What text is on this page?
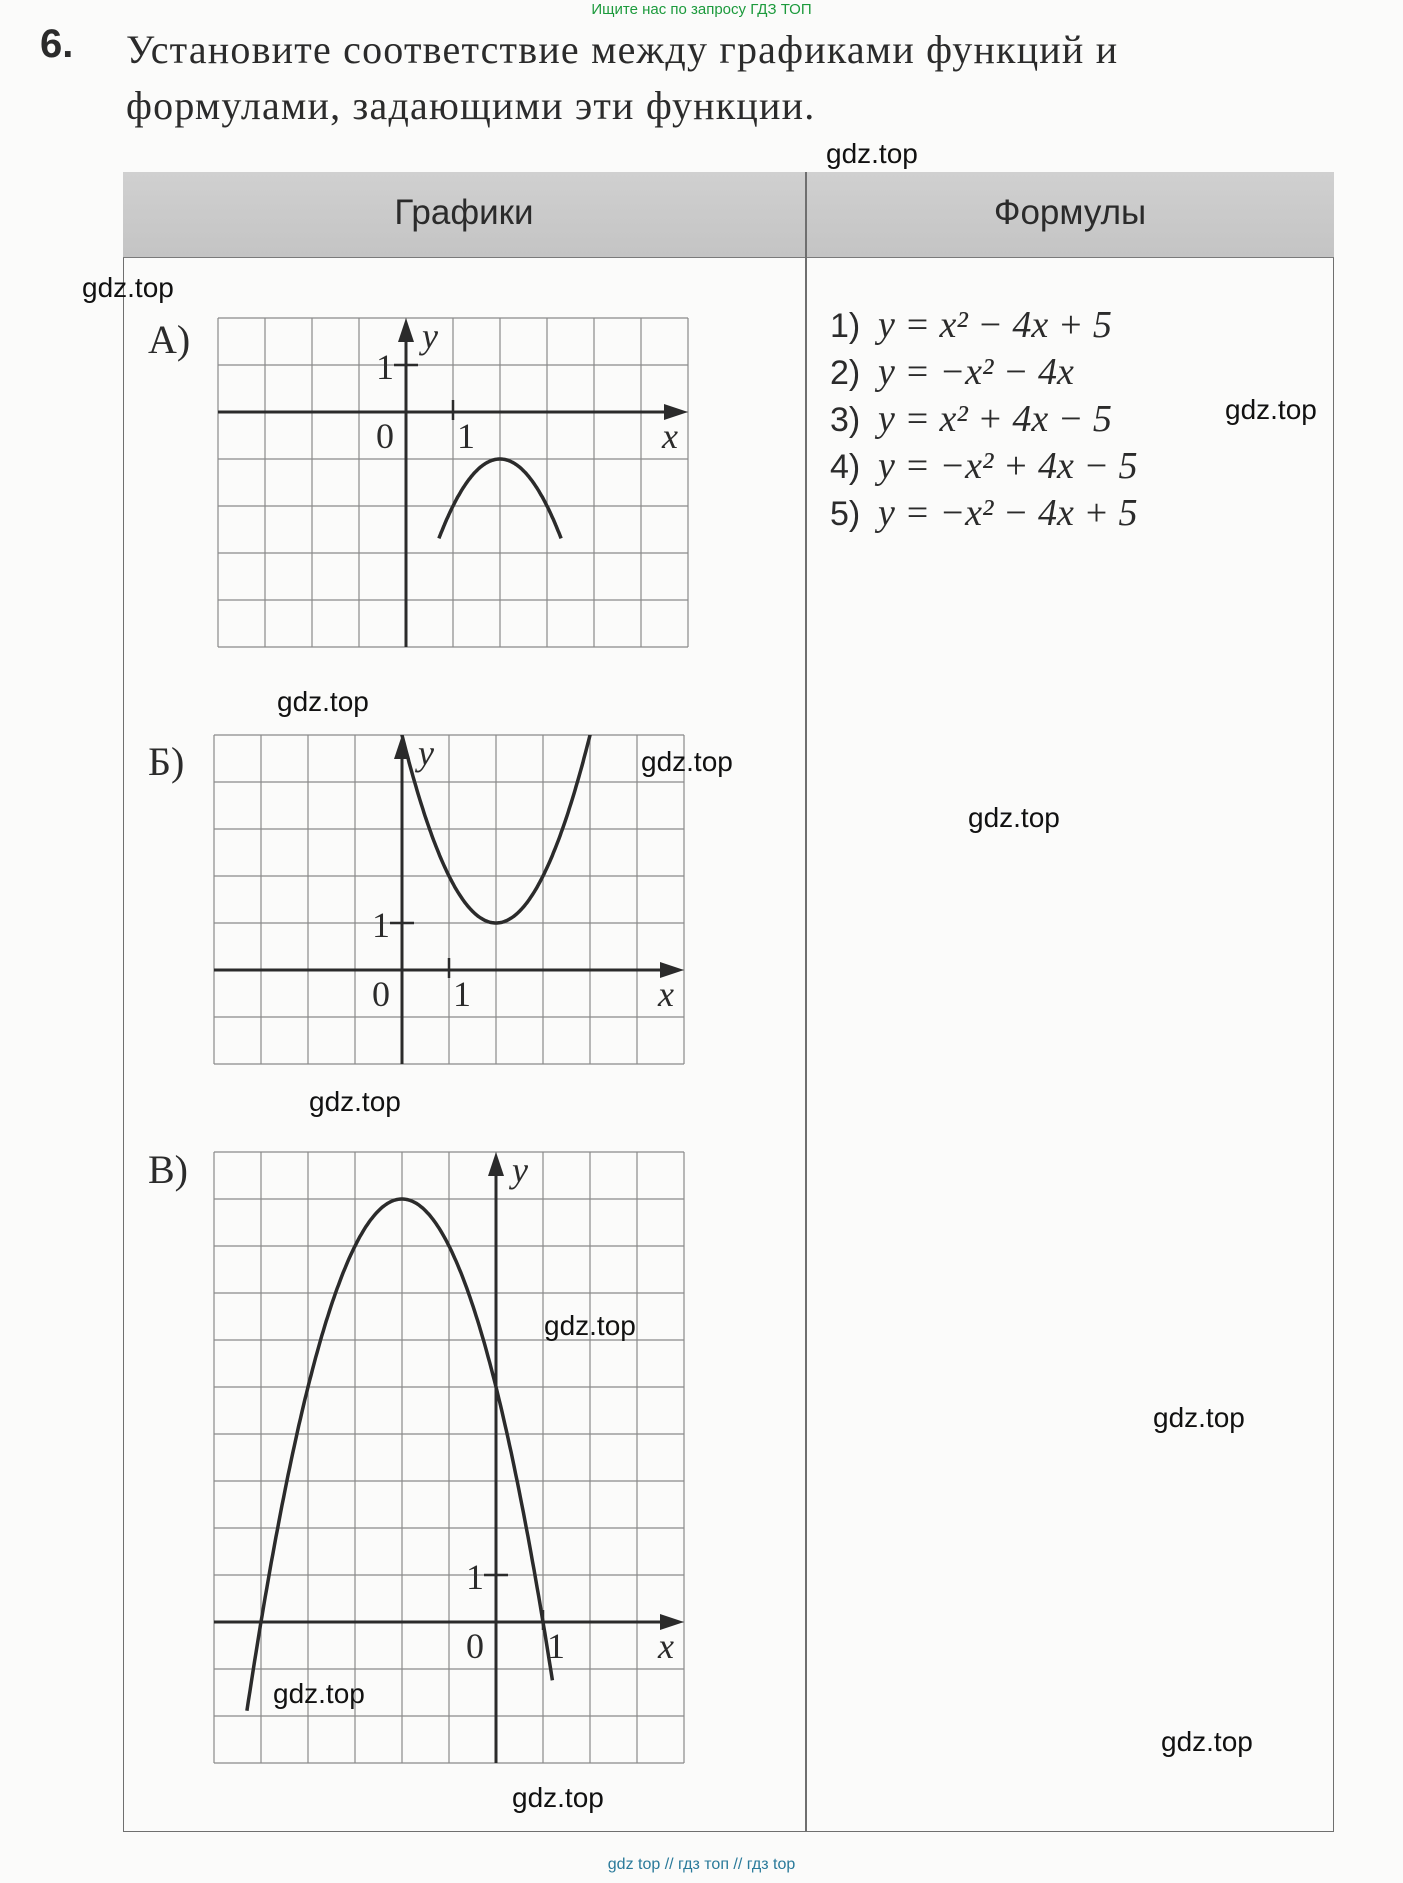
Ищите нас по запросу ГДЗ ТОП
6. Установите соответствие между графиками функций и
формулами, задающими эти функции.
Графики	Формулы
А)
Б)
В)
y
x
0
1
1
y
x
0
1
1
y
x
0
1
1
1) y = x² − 4x + 5
2) y = −x² − 4x
3) y = x² + 4x − 5
4) y = −x² + 4x − 5
5) y = −x² − 4x + 5
gdz.top
gdz.top
gdz.top
gdz.top
gdz.top
gdz.top
gdz.top
gdz.top
gdz.top
gdz.top
gdz.top
gdz.top
gdz top // гдз топ // гдз top
